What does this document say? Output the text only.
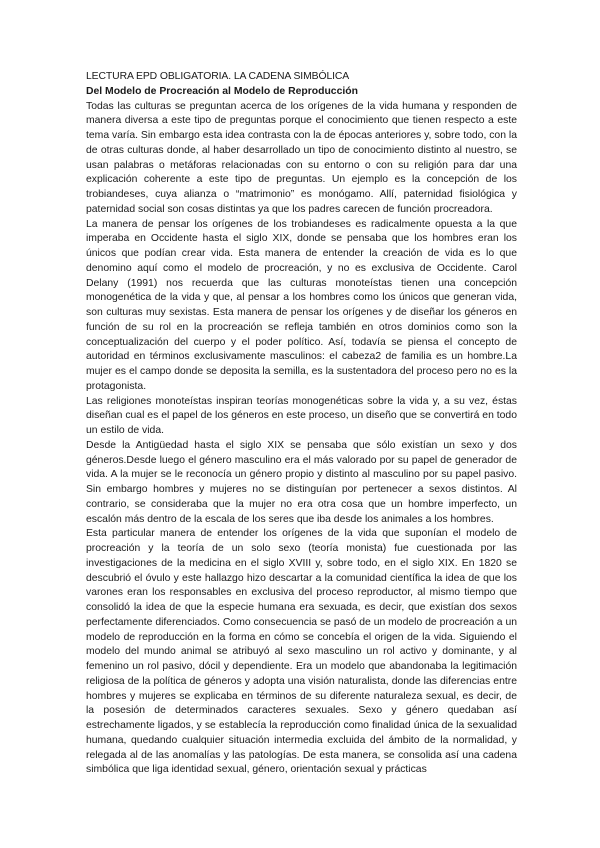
LECTURA EPD OBLIGATORIA. LA CADENA SIMBÓLICA
Del Modelo de Procreación al Modelo de Reproducción

Todas las culturas se preguntan acerca de los orígenes de la vida humana y responden de manera diversa a este tipo de preguntas porque el conocimiento que tienen respecto a este tema varía. Sin embargo esta idea contrasta con la de épocas anteriores y, sobre todo, con la de otras culturas donde, al haber desarrollado un tipo de conocimiento distinto al nuestro, se usan palabras o metáforas relacionadas con su entorno o con su religión para dar una explicación coherente a este tipo de preguntas. Un ejemplo es la concepción de los trobiandeses, cuya alianza o “matrimonio” es monógamo. Allí, paternidad fisiológica y paternidad social son cosas distintas ya que los padres carecen de función procreadora.

La manera de pensar los orígenes de los trobiandeses es radicalmente opuesta a la que imperaba en Occidente hasta el siglo XIX, donde se pensaba que los hombres eran los únicos que podían crear vida. Esta manera de entender la creación de vida es lo que denomino aquí como el modelo de procreación, y no es exclusiva de Occidente. Carol Delany (1991) nos recuerda que las culturas monoteístas tienen una concepción monogenética de la vida y que, al pensar a los hombres como los únicos que generan vida, son culturas muy sexistas. Esta manera de pensar los orígenes y de diseñar los géneros en función de su rol en la procreación se refleja también en otros dominios como son la conceptualización del cuerpo y el poder político. Así, todavía se piensa el concepto de autoridad en términos exclusivamente masculinos: el cabeza2 de familia es un hombre.La mujer es el campo donde se deposita la semilla, es la sustentadora del proceso pero no es la protagonista.

Las religiones monoteístas inspiran teorías monogenéticas sobre la vida y, a su vez, éstas diseñan cual es el papel de los géneros en este proceso, un diseño que se convertirá en todo un estilo de vida.

Desde la Antigüedad hasta el siglo XIX se pensaba que sólo existían un sexo y dos géneros.Desde luego el género masculino era el más valorado por su papel de generador de vida. A la mujer se le reconocía un género propio y distinto al masculino por su papel pasivo. Sin embargo hombres y mujeres no se distinguían por pertenecer a sexos distintos. Al contrario, se consideraba que la mujer no era otra cosa que un hombre imperfecto, un escalón más dentro de la escala de los seres que iba desde los animales a los hombres.

Esta particular manera de entender los orígenes de la vida que suponían el modelo de procreación y la teoría de un solo sexo (teoría monista) fue cuestionada por las investigaciones de la medicina en el siglo XVIII y, sobre todo, en el siglo XIX. En 1820 se descubrió el óvulo y este hallazgo hizo descartar a la comunidad científica la idea de que los varones eran los responsables en exclusiva del proceso reproductor, al mismo tiempo que consolidó la idea de que la especie humana era sexuada, es decir, que existían dos sexos perfectamente diferenciados. Como consecuencia se pasó de un modelo de procreación a un modelo de reproducción en la forma en cómo se concebía el origen de la vida. Siguiendo el modelo del mundo animal se atribuyó al sexo masculino un rol activo y dominante, y al femenino un rol pasivo, dócil y dependiente. Era un modelo que abandonaba la legitimación religiosa de la política de géneros y adopta una visión naturalista, donde las diferencias entre hombres y mujeres se explicaba en términos de su diferente naturaleza sexual, es decir, de la posesión de determinados caracteres sexuales. Sexo y género quedaban así estrechamente ligados, y se establecía la reproducción como finalidad única de la sexualidad humana, quedando cualquier situación intermedia excluida del ámbito de la normalidad, y relegada al de las anomalías y las patologías. De esta manera, se consolida así una cadena simbólica que liga identidad sexual, género, orientación sexual y prácticas
